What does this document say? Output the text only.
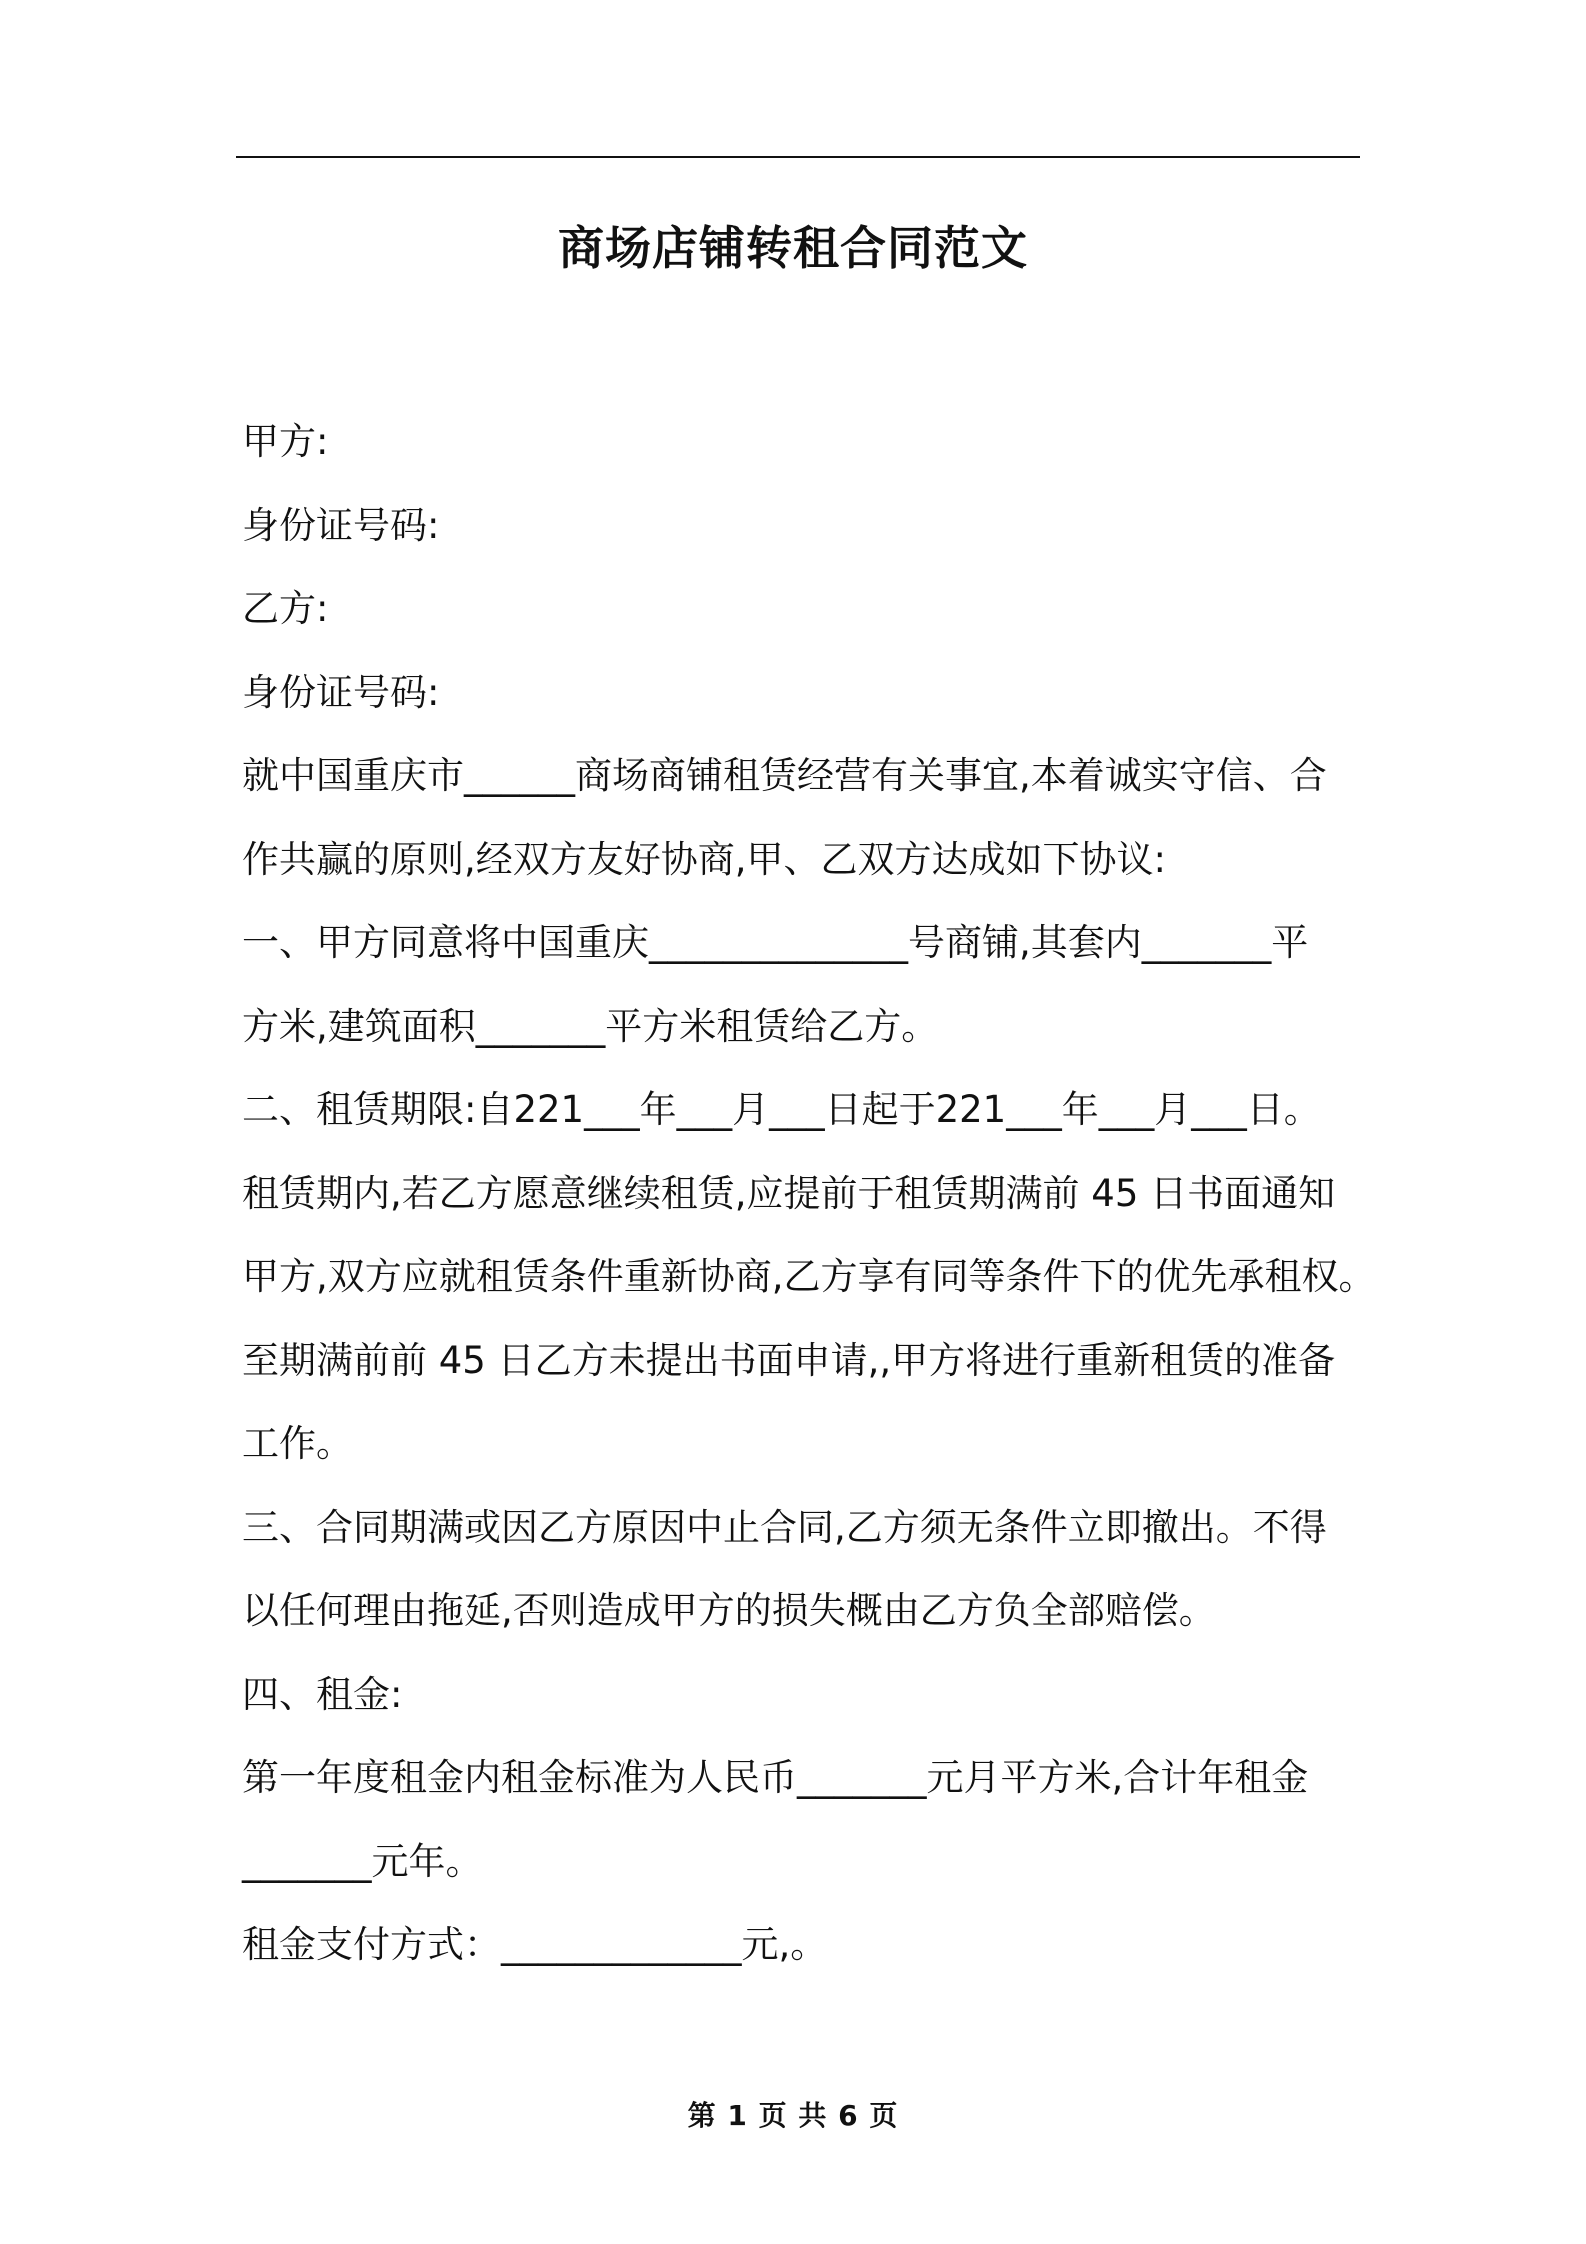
商场店铺转租合同范文
甲方:
身份证号码:
乙方:
身份证号码:
就中国重庆市______商场商铺租赁经营有关事宜,本着诚实守信、合
作共赢的原则,经双方友好协商,甲、乙双方达成如下协议:
一、甲方同意将中国重庆______________号商铺,其套内_______平
方米,建筑面积_______平方米租赁给乙方。
二、租赁期限:自221___年___月___日起于221___年___月___日。
租赁期内,若乙方愿意继续租赁,应提前于租赁期满前 45 日书面通知
甲方,双方应就租赁条件重新协商,乙方享有同等条件下的优先承租权。
至期满前前 45 日乙方未提出书面申请,,甲方将进行重新租赁的准备
工作。
三、合同期满或因乙方原因中止合同,乙方须无条件立即撤出。不得
以任何理由拖延,否则造成甲方的损失概由乙方负全部赔偿。
四、租金:
第一年度租金内租金标准为人民币_______元月平方米,合计年租金
_______元年。
租金支付方式：_____________元,。
第 1 页 共 6 页
